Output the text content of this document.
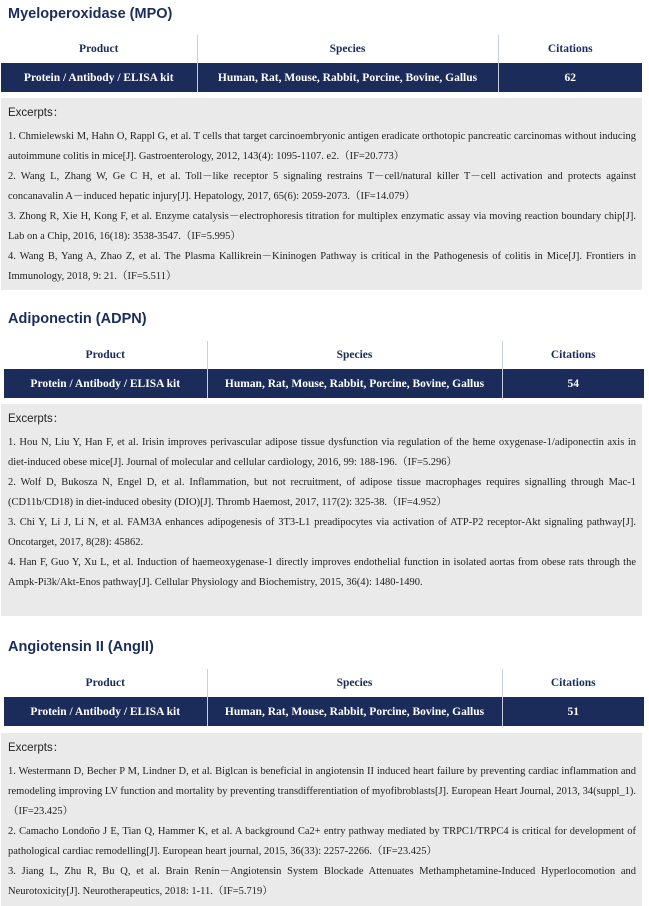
Myeloperoxidase (MPO)
Product	Species	Citations
Protein / Antibody / ELISA kit	Human, Rat, Mouse, Rabbit, Porcine, Bovine, Gallus	62
Excerpts：

1. Chmielewski M, Hahn O, Rappl G, et al. T cells that target carcinoembryonic antigen eradicate orthotopic pancreatic carcinomas without inducing autoimmune colitis in mice[J]. Gastroenterology, 2012, 143(4): 1095-1107. e2.（IF=20.773）

2. Wang L, Zhang W, Ge C H, et al. Toll－like receptor 5 signaling restrains T－cell/natural killer T－cell activation and protects against concanavalin A－induced hepatic injury[J]. Hepatology, 2017, 65(6): 2059-2073.（IF=14.079）

3. Zhong R, Xie H, Kong F, et al. Enzyme catalysis－electrophoresis titration for multiplex enzymatic assay via moving reaction boundary chip[J]. Lab on a Chip, 2016, 16(18): 3538-3547.（IF=5.995）

4. Wang B, Yang A, Zhao Z, et al. The Plasma Kallikrein－Kininogen Pathway is critical in the Pathogenesis of colitis in Mice[J]. Frontiers in Immunology, 2018, 9: 21.（IF=5.511）

Adiponectin (ADPN)
Product	Species	Citations
Protein / Antibody / ELISA kit	Human, Rat, Mouse, Rabbit, Porcine, Bovine, Gallus	54
Excerpts：

1. Hou N, Liu Y, Han F, et al. Irisin improves perivascular adipose tissue dysfunction via regulation of the heme oxygenase-1/adiponectin axis in diet-induced obese mice[J]. Journal of molecular and cellular cardiology, 2016, 99: 188-196.（IF=5.296）

2. Wolf D, Bukosza N, Engel D, et al. Inflammation, but not recruitment, of adipose tissue macrophages requires signalling through Mac-1 (CD11b/CD18) in diet-induced obesity (DIO)[J]. Thromb Haemost, 2017, 117(2): 325-38.（IF=4.952）

3. Chi Y, Li J, Li N, et al. FAM3A enhances adipogenesis of 3T3-L1 preadipocytes via activation of ATP-P2 receptor-Akt signaling pathway[J]. Oncotarget, 2017, 8(28): 45862.

4. Han F, Guo Y, Xu L, et al. Induction of haemeoxygenase-1 directly improves endothelial function in isolated aortas from obese rats through the Ampk-Pi3k/Akt-Enos pathway[J]. Cellular Physiology and Biochemistry, 2015, 36(4): 1480-1490.

Angiotensin II (AngII)
Product	Species	Citations
Protein / Antibody / ELISA kit	Human, Rat, Mouse, Rabbit, Porcine, Bovine, Gallus	51
Excerpts：

1. Westermann D, Becher P M, Lindner D, et al. Biglcan is beneficial in angiotensin II induced heart failure by preventing cardiac inflammation and remodeling improving LV function and mortality by preventing transdifferentiation of myofibroblasts[J]. European Heart Journal, 2013, 34(suppl_1).（IF=23.425）

2. Camacho Londoño J E, Tian Q, Hammer K, et al. A background Ca2+ entry pathway mediated by TRPC1/TRPC4 is critical for development of pathological cardiac remodelling[J]. European heart journal, 2015, 36(33): 2257-2266.（IF=23.425）

3. Jiang L, Zhu R, Bu Q, et al. Brain Renin－Angiotensin System Blockade Attenuates Methamphetamine-Induced Hyperlocomotion and Neurotoxicity[J]. Neurotherapeutics, 2018: 1-11.（IF=5.719）
